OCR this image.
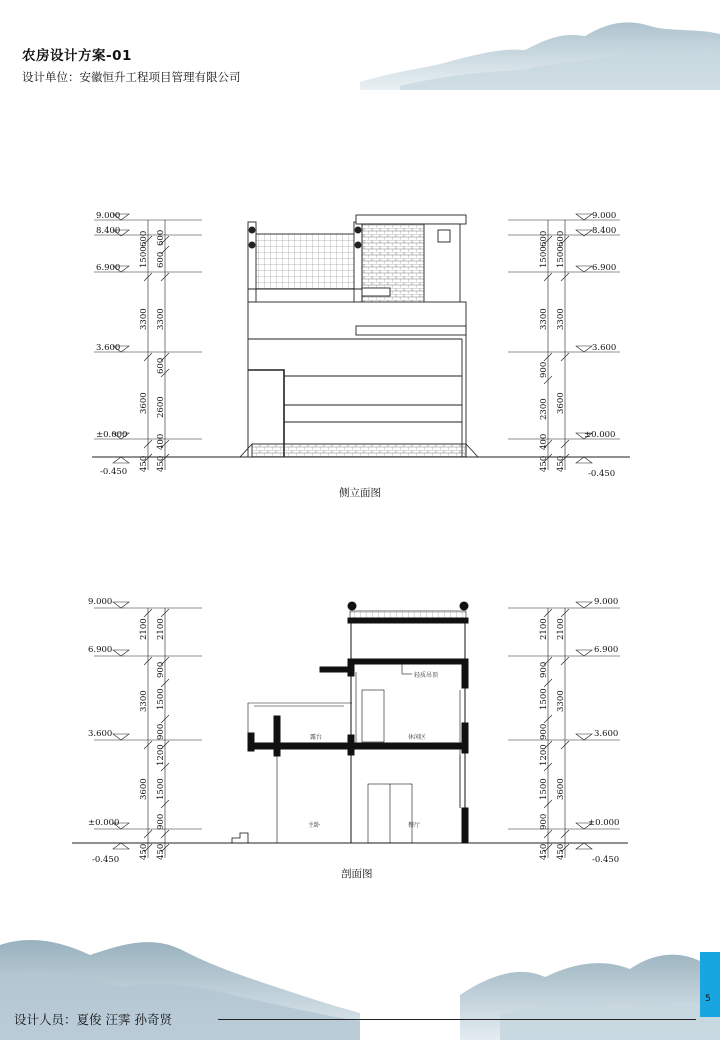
农房设计方案-01
设计单位：安徽恒升工程项目管理有限公司
9.000
8.400
6.900
3.600
±0.000
-0.450
9.000
8.400
6.900
3.600
±0.000
-0.450
600
1500
3300
3600
450
600
600
3300
600
2600
400
450
600
1500
3300
900
2300
400
450
600
1500
3300
3600
450
9.000
6.900
3.600
±0.000
-0.450
9.000
6.900
3.600
±0.000
-0.450
2100
3300
3600
450
2100
900
1500
900
1200
1500
900
450
2100
900
1500
900
1200
1500
900
450
2100
3300
3600
450
露台	休闲区
主卧	餐厅
轻质吊顶
侧立面图
剖面图
5
设计人员：夏俊 汪霁 孙奇贤
